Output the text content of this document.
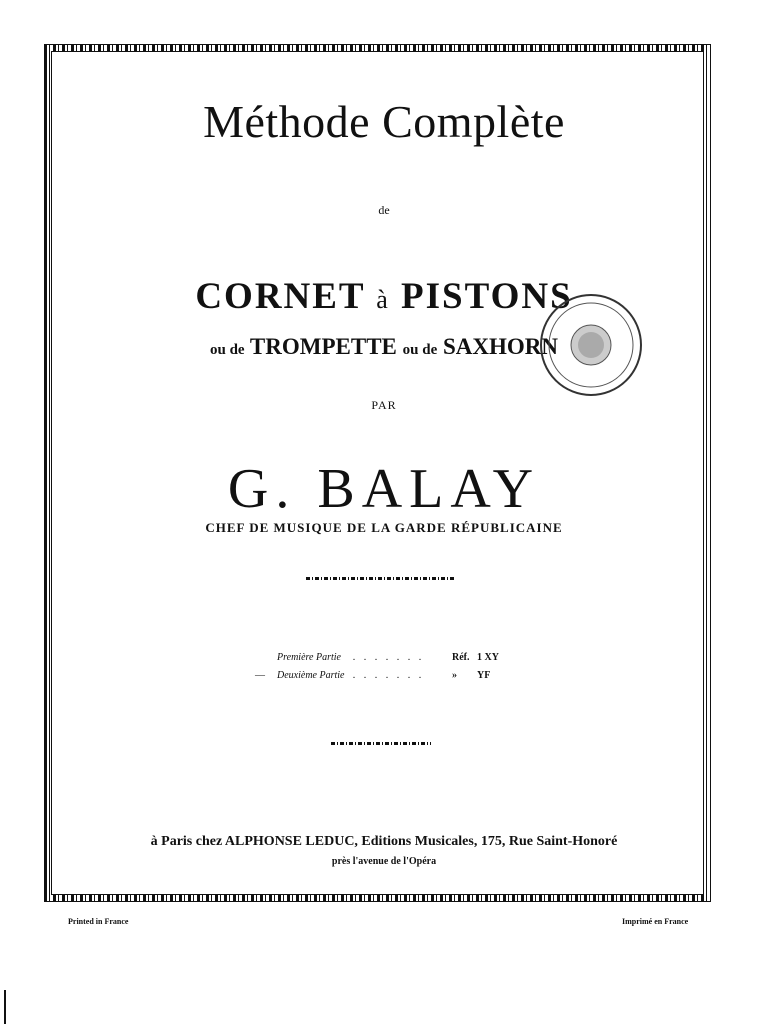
Méthode Complète
de
CORNET à PISTONS
ou de TROMPETTE ou de SAXHORN
PAR
G. BALAY
CHEF DE MUSIQUE DE LA GARDE RÉPUBLICAINE
Première Partie . . . . . . .	Réf. 1 XY
— Deuxième Partie . . . . . . .	» YF
à Paris chez ALPHONSE LEDUC, Editions Musicales, 175, Rue Saint-Honoré
près l'avenue de l'Opéra
Printed in France	Imprimé en France
